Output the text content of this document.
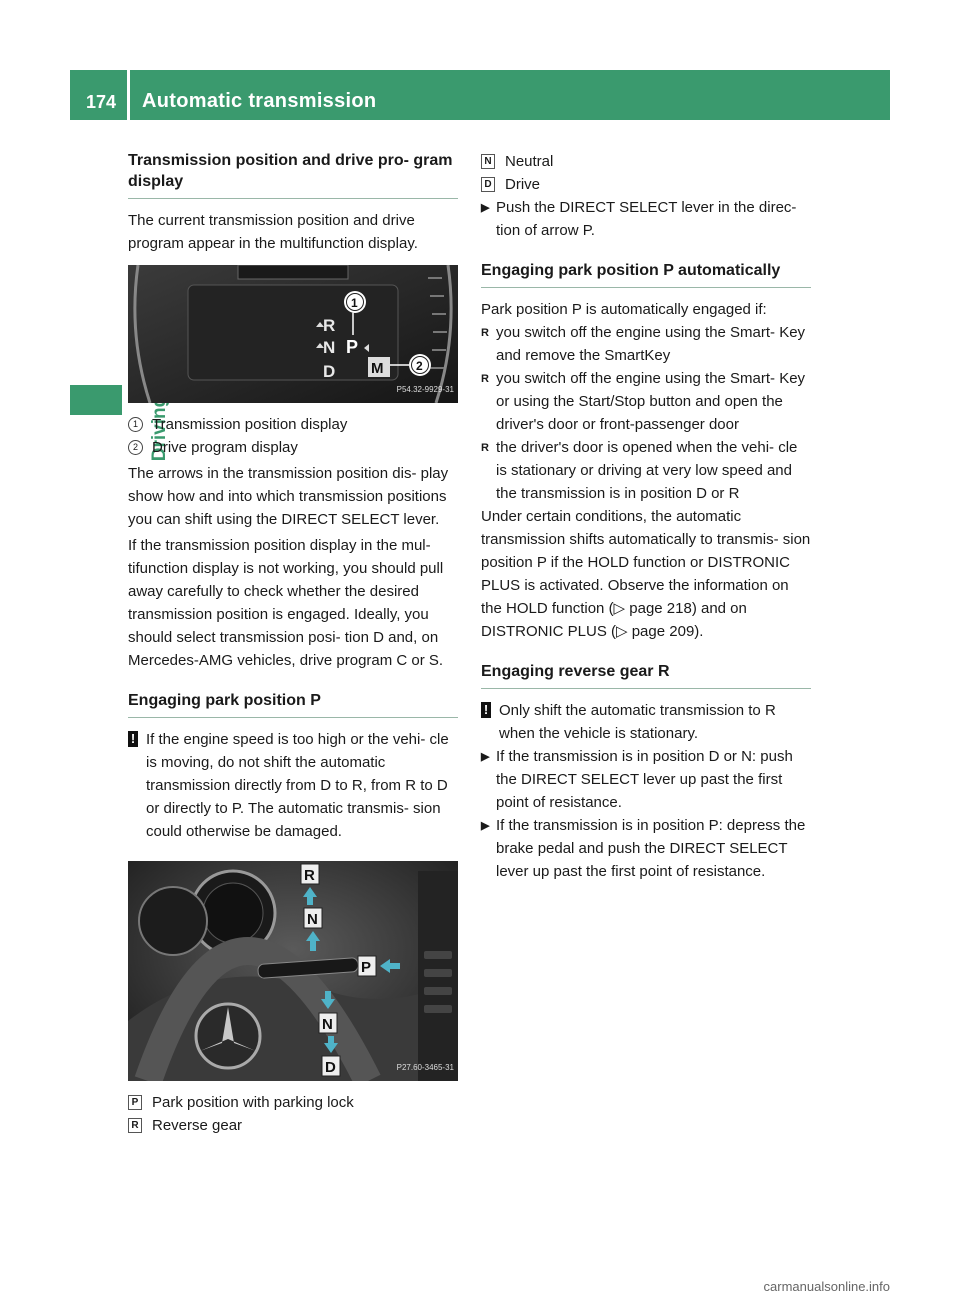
174 Automatic transmission
Transmission position and drive pro- gram display

The current transmission position and drive program appear in the multifunction display.

R
N P
D M
1
2
P54.32-9929-31
1 Transmission position display
2 Drive program display

The arrows in the transmission position dis- play show how and into which transmission positions you can shift using the DIRECT SELECT lever.

If the transmission position display in the mul- tifunction display is not working, you should pull away carefully to check whether the desired transmission position is engaged. Ideally, you should select transmission posi- tion D and, on Mercedes-AMG vehicles, drive program C or S.

Engaging park position P
! If the engine speed is too high or the vehi- cle is moving, do not shift the automatic transmission directly from D to R, from R to D or directly to P. The automatic transmis- sion could otherwise be damaged.
R
N
P
N
D	P27.60-3465-31
P Park position with parking lock
R Reverse gear
N Neutral
D Drive
▶ Push the DIRECT SELECT lever in the direc- tion of arrow P.
Engaging park position P automatically

Park position P is automatically engaged if:

R you switch off the engine using the Smart- Key and remove the SmartKey
R you switch off the engine using the Smart- Key or using the Start/Stop button and open the driver's door or front-passenger door
R the driver's door is opened when the vehi- cle is stationary or driving at very low speed and the transmission is in position D or R

Under certain conditions, the automatic transmission shifts automatically to transmis- sion position P if the HOLD function or DISTRONIC PLUS is activated. Observe the information on the HOLD function (▷ page 218) and on DISTRONIC PLUS (▷ page 209).

Engaging reverse gear R
! Only shift the automatic transmission to R when the vehicle is stationary.
▶ If the transmission is in position D or N: push the DIRECT SELECT lever up past the first point of resistance.
▶ If the transmission is in position P: depress the brake pedal and push the DIRECT SELECT lever up past the first point of resistance.
carmanualsonline.info
